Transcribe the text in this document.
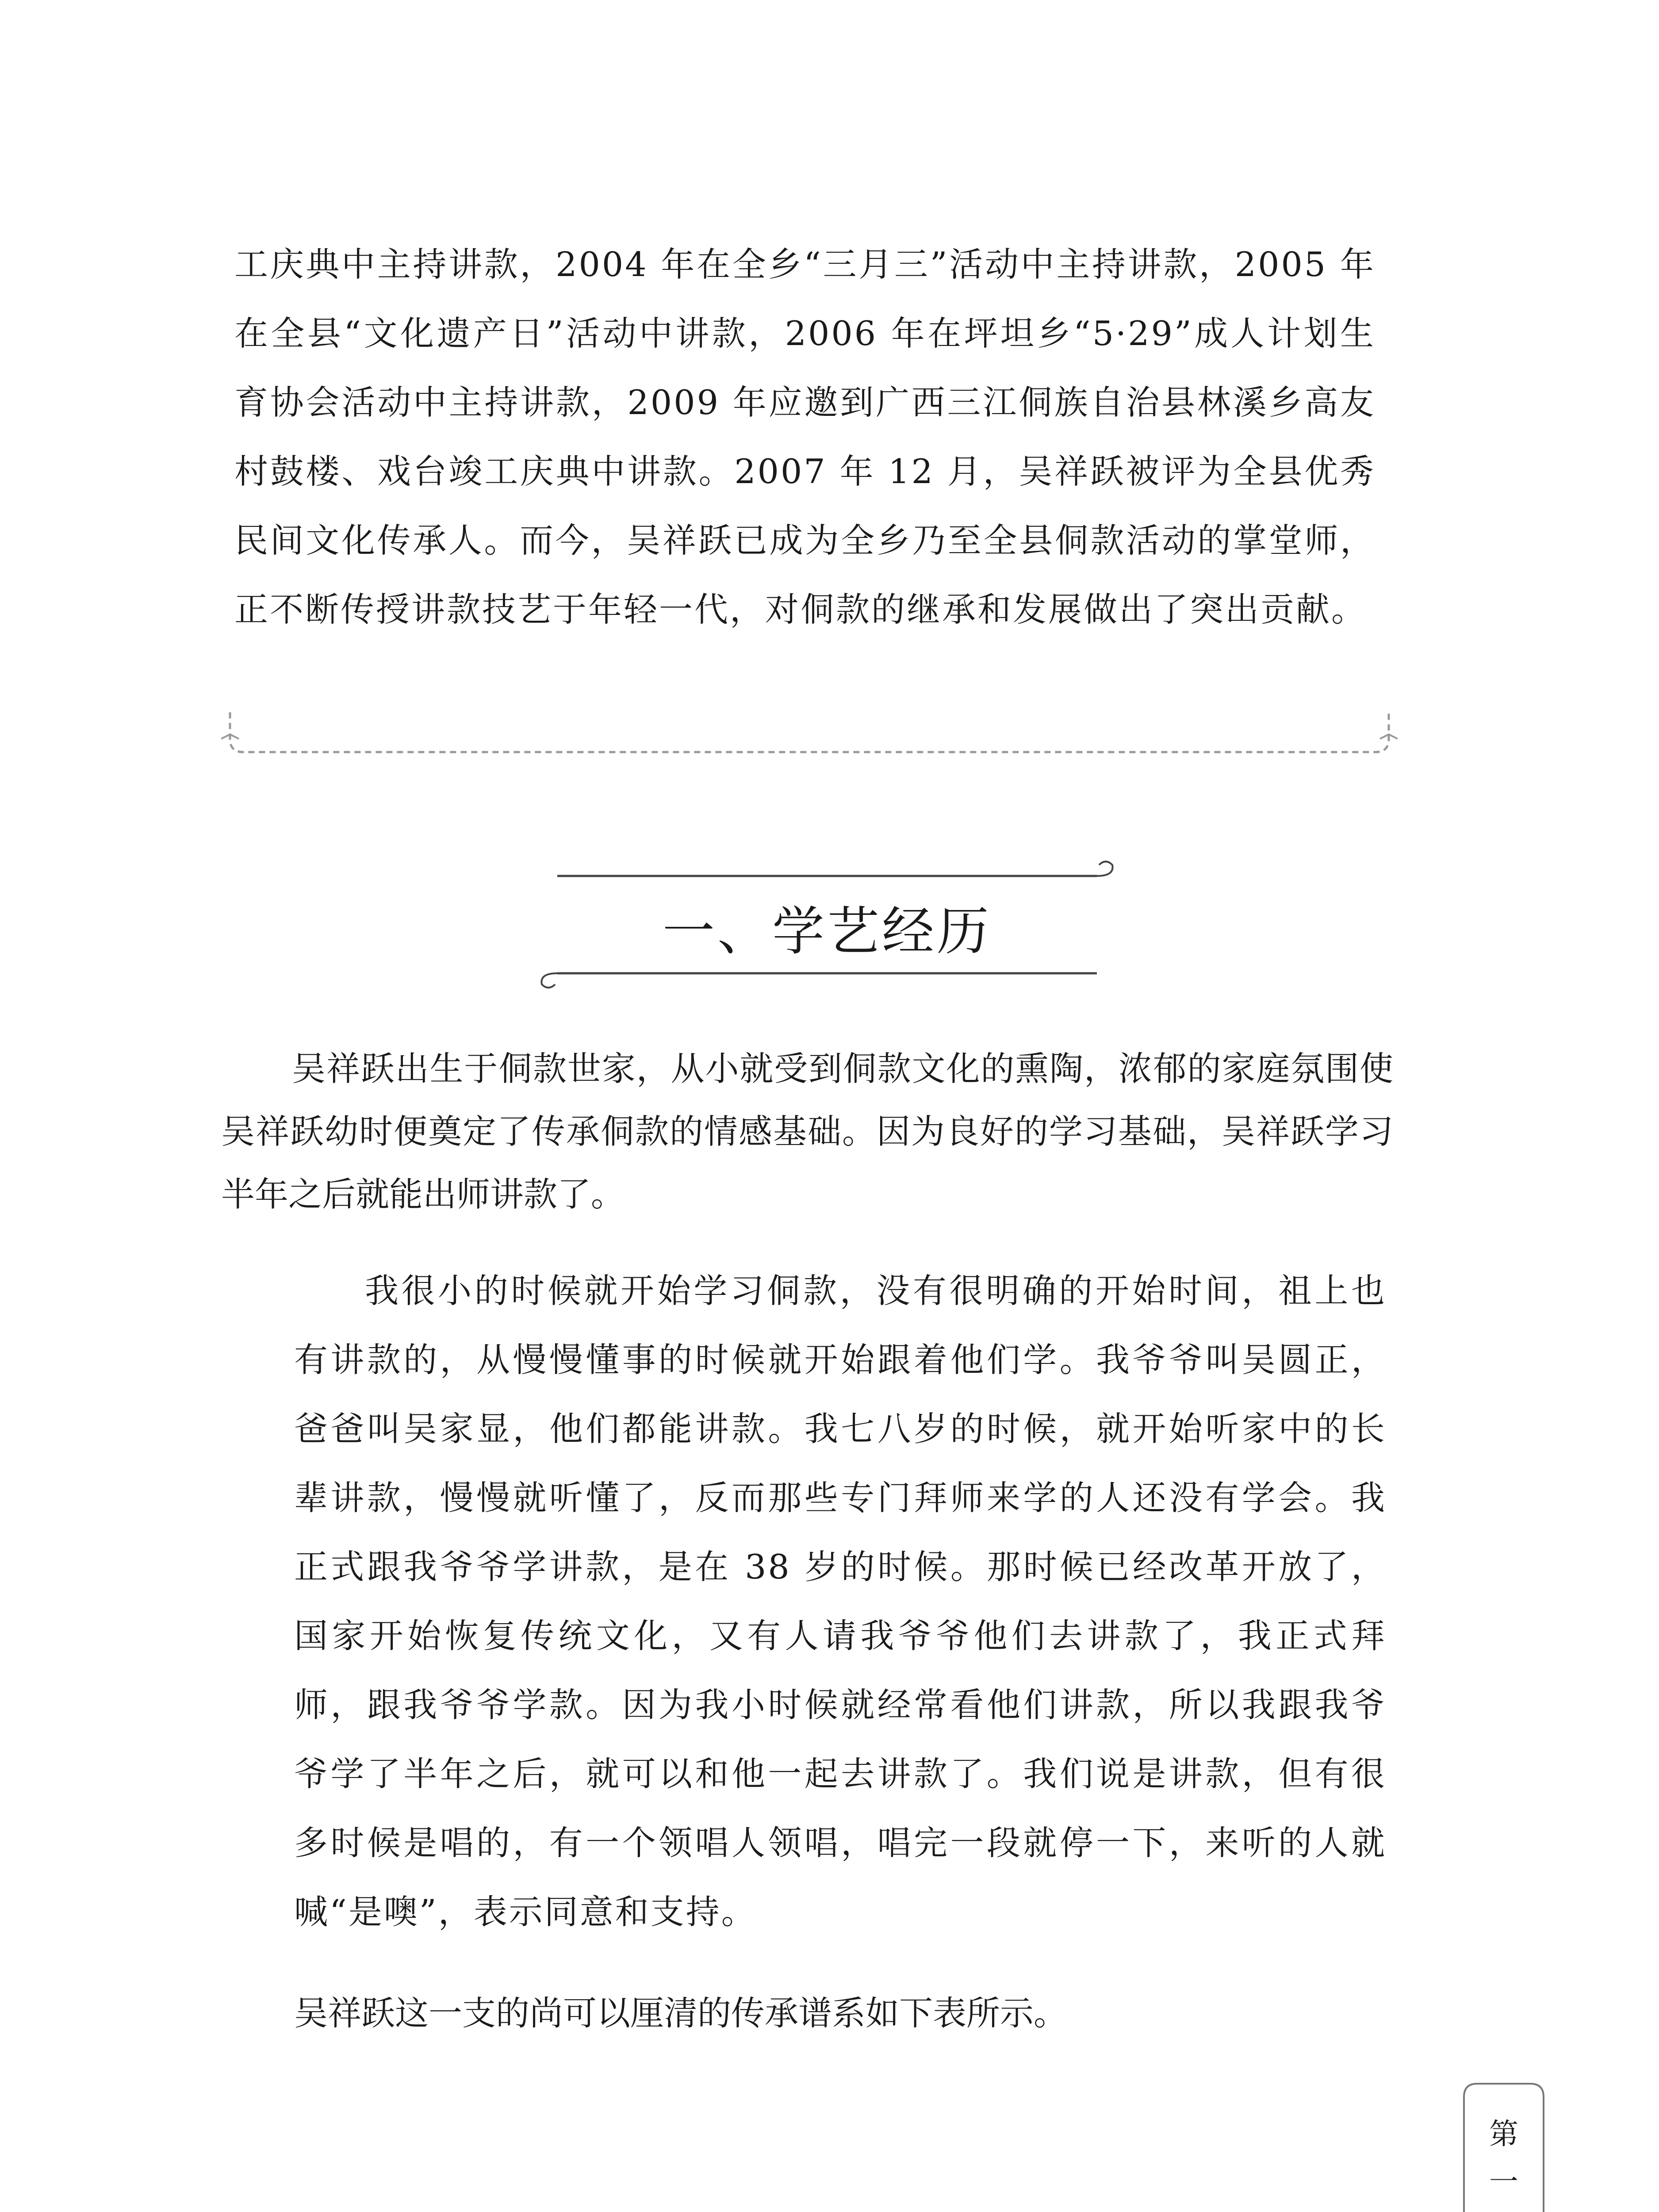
工庆典中主持讲款，2004 年在全乡“三月三”活动中主持讲款，2005 年在全县“文化遗产日”活动中讲款，2006 年在坪坦乡“5·29”成人计划生育协会活动中主持讲款，2009 年应邀到广西三江侗族自治县林溪乡高友村鼓楼、戏台竣工庆典中讲款。2007 年 12 月，吴祥跃被评为全县优秀民间文化传承人。而今，吴祥跃已成为全乡乃至全县侗款活动的掌堂师，正不断传授讲款技艺于年轻一代，对侗款的继承和发展做出了突出贡献。
一、学艺经历
吴祥跃出生于侗款世家，从小就受到侗款文化的熏陶，浓郁的家庭氛围使吴祥跃幼时便奠定了传承侗款的情感基础。因为良好的学习基础，吴祥跃学习半年之后就能出师讲款了。
我很小的时候就开始学习侗款，没有很明确的开始时间，祖上也有讲款的，从慢慢懂事的时候就开始跟着他们学。我爷爷叫吴圆正，爸爸叫吴家显，他们都能讲款。我七八岁的时候，就开始听家中的长辈讲款，慢慢就听懂了，反而那些专门拜师来学的人还没有学会。我正式跟我爷爷学讲款，是在 38 岁的时候。那时候已经改革开放了，国家开始恢复传统文化，又有人请我爷爷他们去讲款了，我正式拜师，跟我爷爷学款。因为我小时候就经常看他们讲款，所以我跟我爷爷学了半年之后，就可以和他一起去讲款了。我们说是讲款，但有很多时候是唱的，有一个领唱人领唱，唱完一段就停一下，来听的人就喊“是噢”，表示同意和支持。
吴祥跃这一支的尚可以厘清的传承谱系如下表所示。
第
一
